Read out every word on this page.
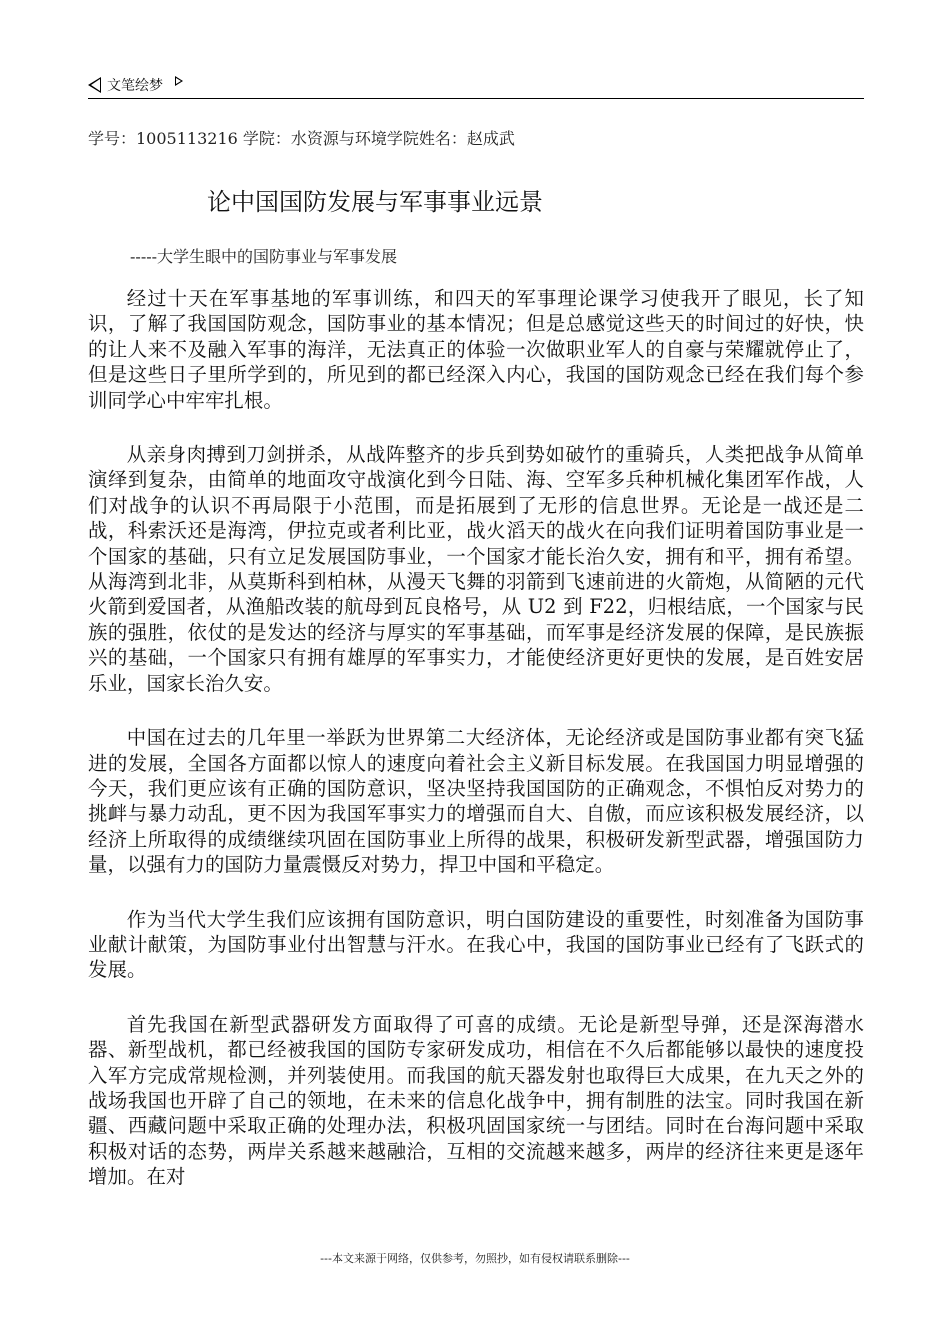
文笔绘梦
学号：1005113216 学院：水资源与环境学院姓名：赵成武
论中国国防发展与军事事业远景
-----大学生眼中的国防事业与军事发展

经过十天在军事基地的军事训练，和四天的军事理论课学习使我开了眼见，长了知识，了解了我国国防观念，国防事业的基本情况；但是总感觉这些天的时间过的好快，快的让人来不及融入军事的海洋，无法真正的体验一次做职业军人的自豪与荣耀就停止了，但是这些日子里所学到的，所见到的都已经深入内心，我国的国防观念已经在我们每个参训同学心中牢牢扎根。

从亲身肉搏到刀剑拼杀，从战阵整齐的步兵到势如破竹的重骑兵，人类把战争从简单演绎到复杂，由简单的地面攻守战演化到今日陆、海、空军多兵种机械化集团军作战，人们对战争的认识不再局限于小范围，而是拓展到了无形的信息世界。无论是一战还是二战，科索沃还是海湾，伊拉克或者利比亚，战火滔天的战火在向我们证明着国防事业是一个国家的基础，只有立足发展国防事业，一个国家才能长治久安，拥有和平，拥有希望。从海湾到北非，从莫斯科到柏林，从漫天飞舞的羽箭到飞速前进的火箭炮，从简陋的元代火箭到爱国者，从渔船改装的航母到瓦良格号，从 U2 到 F22，归根结底，一个国家与民族的强胜，依仗的是发达的经济与厚实的军事基础，而军事是经济发展的保障，是民族振兴的基础，一个国家只有拥有雄厚的军事实力，才能使经济更好更快的发展，是百姓安居乐业，国家长治久安。

中国在过去的几年里一举跃为世界第二大经济体，无论经济或是国防事业都有突飞猛进的发展，全国各方面都以惊人的速度向着社会主义新目标发展。在我国国力明显增强的今天，我们更应该有正确的国防意识，坚决坚持我国国防的正确观念，不惧怕反对势力的挑衅与暴力动乱，更不因为我国军事实力的增强而自大、自傲，而应该积极发展经济，以经济上所取得的成绩继续巩固在国防事业上所得的战果，积极研发新型武器，增强国防力量，以强有力的国防力量震慑反对势力，捍卫中国和平稳定。

作为当代大学生我们应该拥有国防意识，明白国防建设的重要性，时刻准备为国防事业献计献策，为国防事业付出智慧与汗水。在我心中，我国的国防事业已经有了飞跃式的发展。

首先我国在新型武器研发方面取得了可喜的成绩。无论是新型导弹，还是深海潜水器、新型战机，都已经被我国的国防专家研发成功，相信在不久后都能够以最快的速度投入军方完成常规检测，并列装使用。而我国的航天器发射也取得巨大成果，在九天之外的战场我国也开辟了自己的领地，在未来的信息化战争中，拥有制胜的法宝。同时我国在新疆、西藏问题中采取正确的处理办法，积极巩固国家统一与团结。同时在台海问题中采取积极对话的态势，两岸关系越来越融洽，互相的交流越来越多，两岸的经济往来更是逐年增加。在对

---本文来源于网络，仅供参考，勿照抄，如有侵权请联系删除---
